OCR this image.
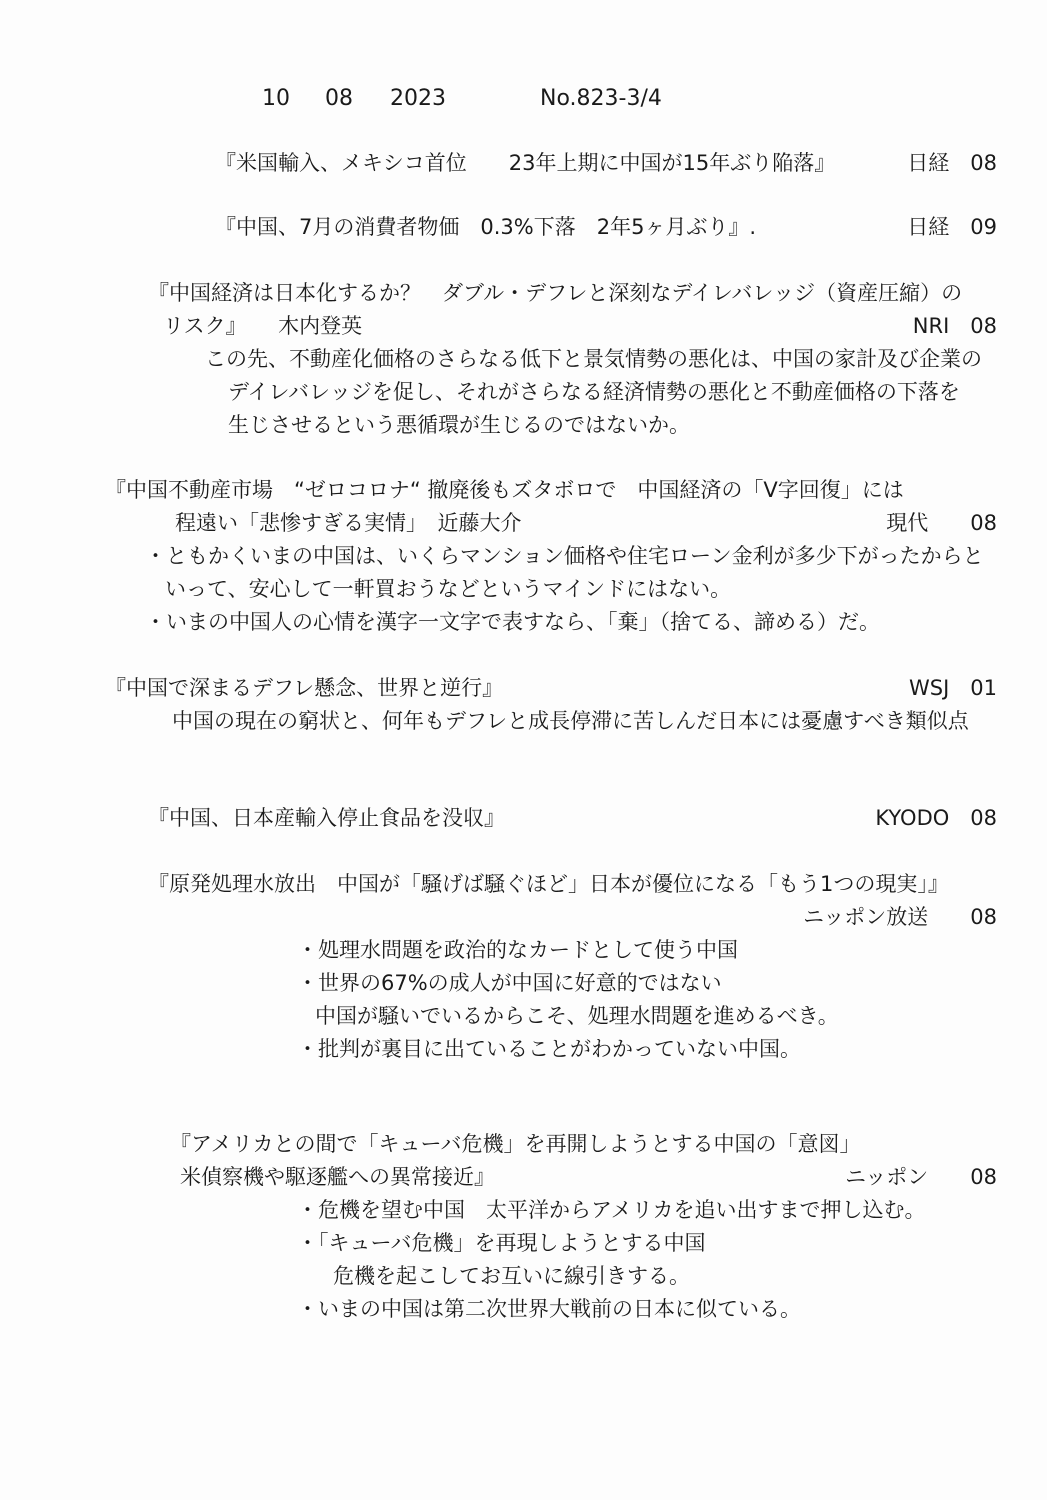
10 08 2023	No.823-3/4
『米国輸入、メキシコ首位　　23年上期に中国が15年ぶり陥落』	日経　08
『中国、7月の消費者物価　0.3%下落　2年5ヶ月ぶり』.	日経　09
『中国経済は日本化するか？　ダブル・デフレと深刻なデイレバレッジ（資産圧縮）の
リスク』　　木内登英	NRI　08
この先、不動産化価格のさらなる低下と景気情勢の悪化は、中国の家計及び企業の
デイレバレッジを促し、それがさらなる経済情勢の悪化と不動産価格の下落を
生じさせるという悪循環が生じるのではないか。
『中国不動産市場　“ゼロコロナ“ 撤廃後もズタボロで　中国経済の「V字回復」には
程遠い「悲惨すぎる実情」　近藤大介	現代　　08
・ともかくいまの中国は、いくらマンション価格や住宅ローン金利が多少下がったからと
いって、安心して一軒買おうなどというマインドにはない。
・いまの中国人の心情を漢字一文字で表すなら、「棄」（捨てる、諦める）だ。
『中国で深まるデフレ懸念、世界と逆行』	WSJ　01
中国の現在の窮状と、何年もデフレと成長停滞に苦しんだ日本には憂慮すべき類似点
『中国、日本産輸入停止食品を没収』	KYODO　08
『原発処理水放出　中国が「騒げば騒ぐほど」日本が優位になる「もう1つの現実」』
ニッポン放送　　08
・処理水問題を政治的なカードとして使う中国
・世界の67%の成人が中国に好意的ではない
中国が騒いでいるからこそ、処理水問題を進めるべき。
・批判が裏目に出ていることがわかっていない中国。
『アメリカとの間で「キューバ危機」を再開しようとする中国の「意図」
米偵察機や駆逐艦への異常接近』	ニッポン　　08
・危機を望む中国　太平洋からアメリカを追い出すまで押し込む。
・「キューバ危機」を再現しようとする中国
危機を起こしてお互いに線引きする。
・いまの中国は第二次世界大戦前の日本に似ている。
